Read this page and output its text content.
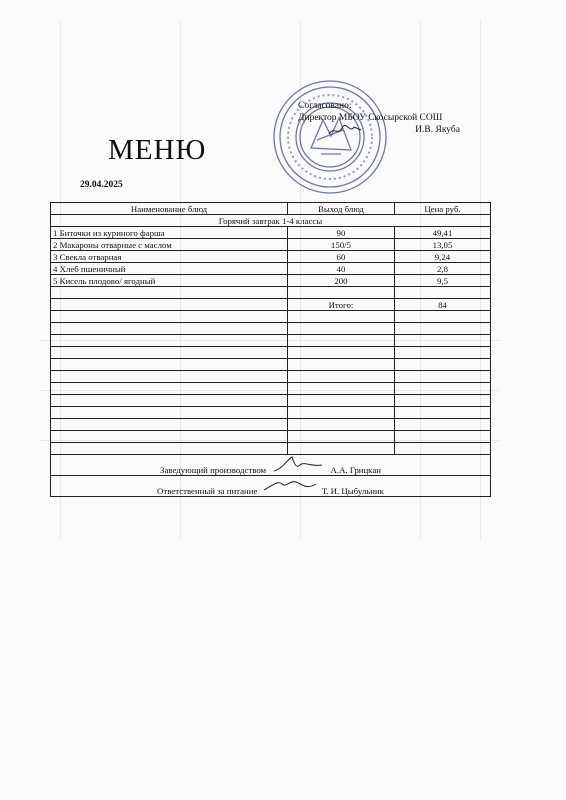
Согласовано:
Директор МБОУ Скосырской СОШ
И.В. Якуба
МЕНЮ
29.04.2025
Наименование блюд	Выход блюд	Цена руб.
Горячий завтрак 1-4 классы		
1 Биточки из куриного фарша	90	49,41
2 Макароны отварные с маслом	150/5	13,05
3 Свекла отварная	60	9,24
4 Хлеб пшеничный	40	2,8
5 Кисель плодово/ ягодный	200	9,5

	Итого:	84

Заведующий производством А.А. Грицкан		
Ответственный за питание Т. И. Цыбульник		
